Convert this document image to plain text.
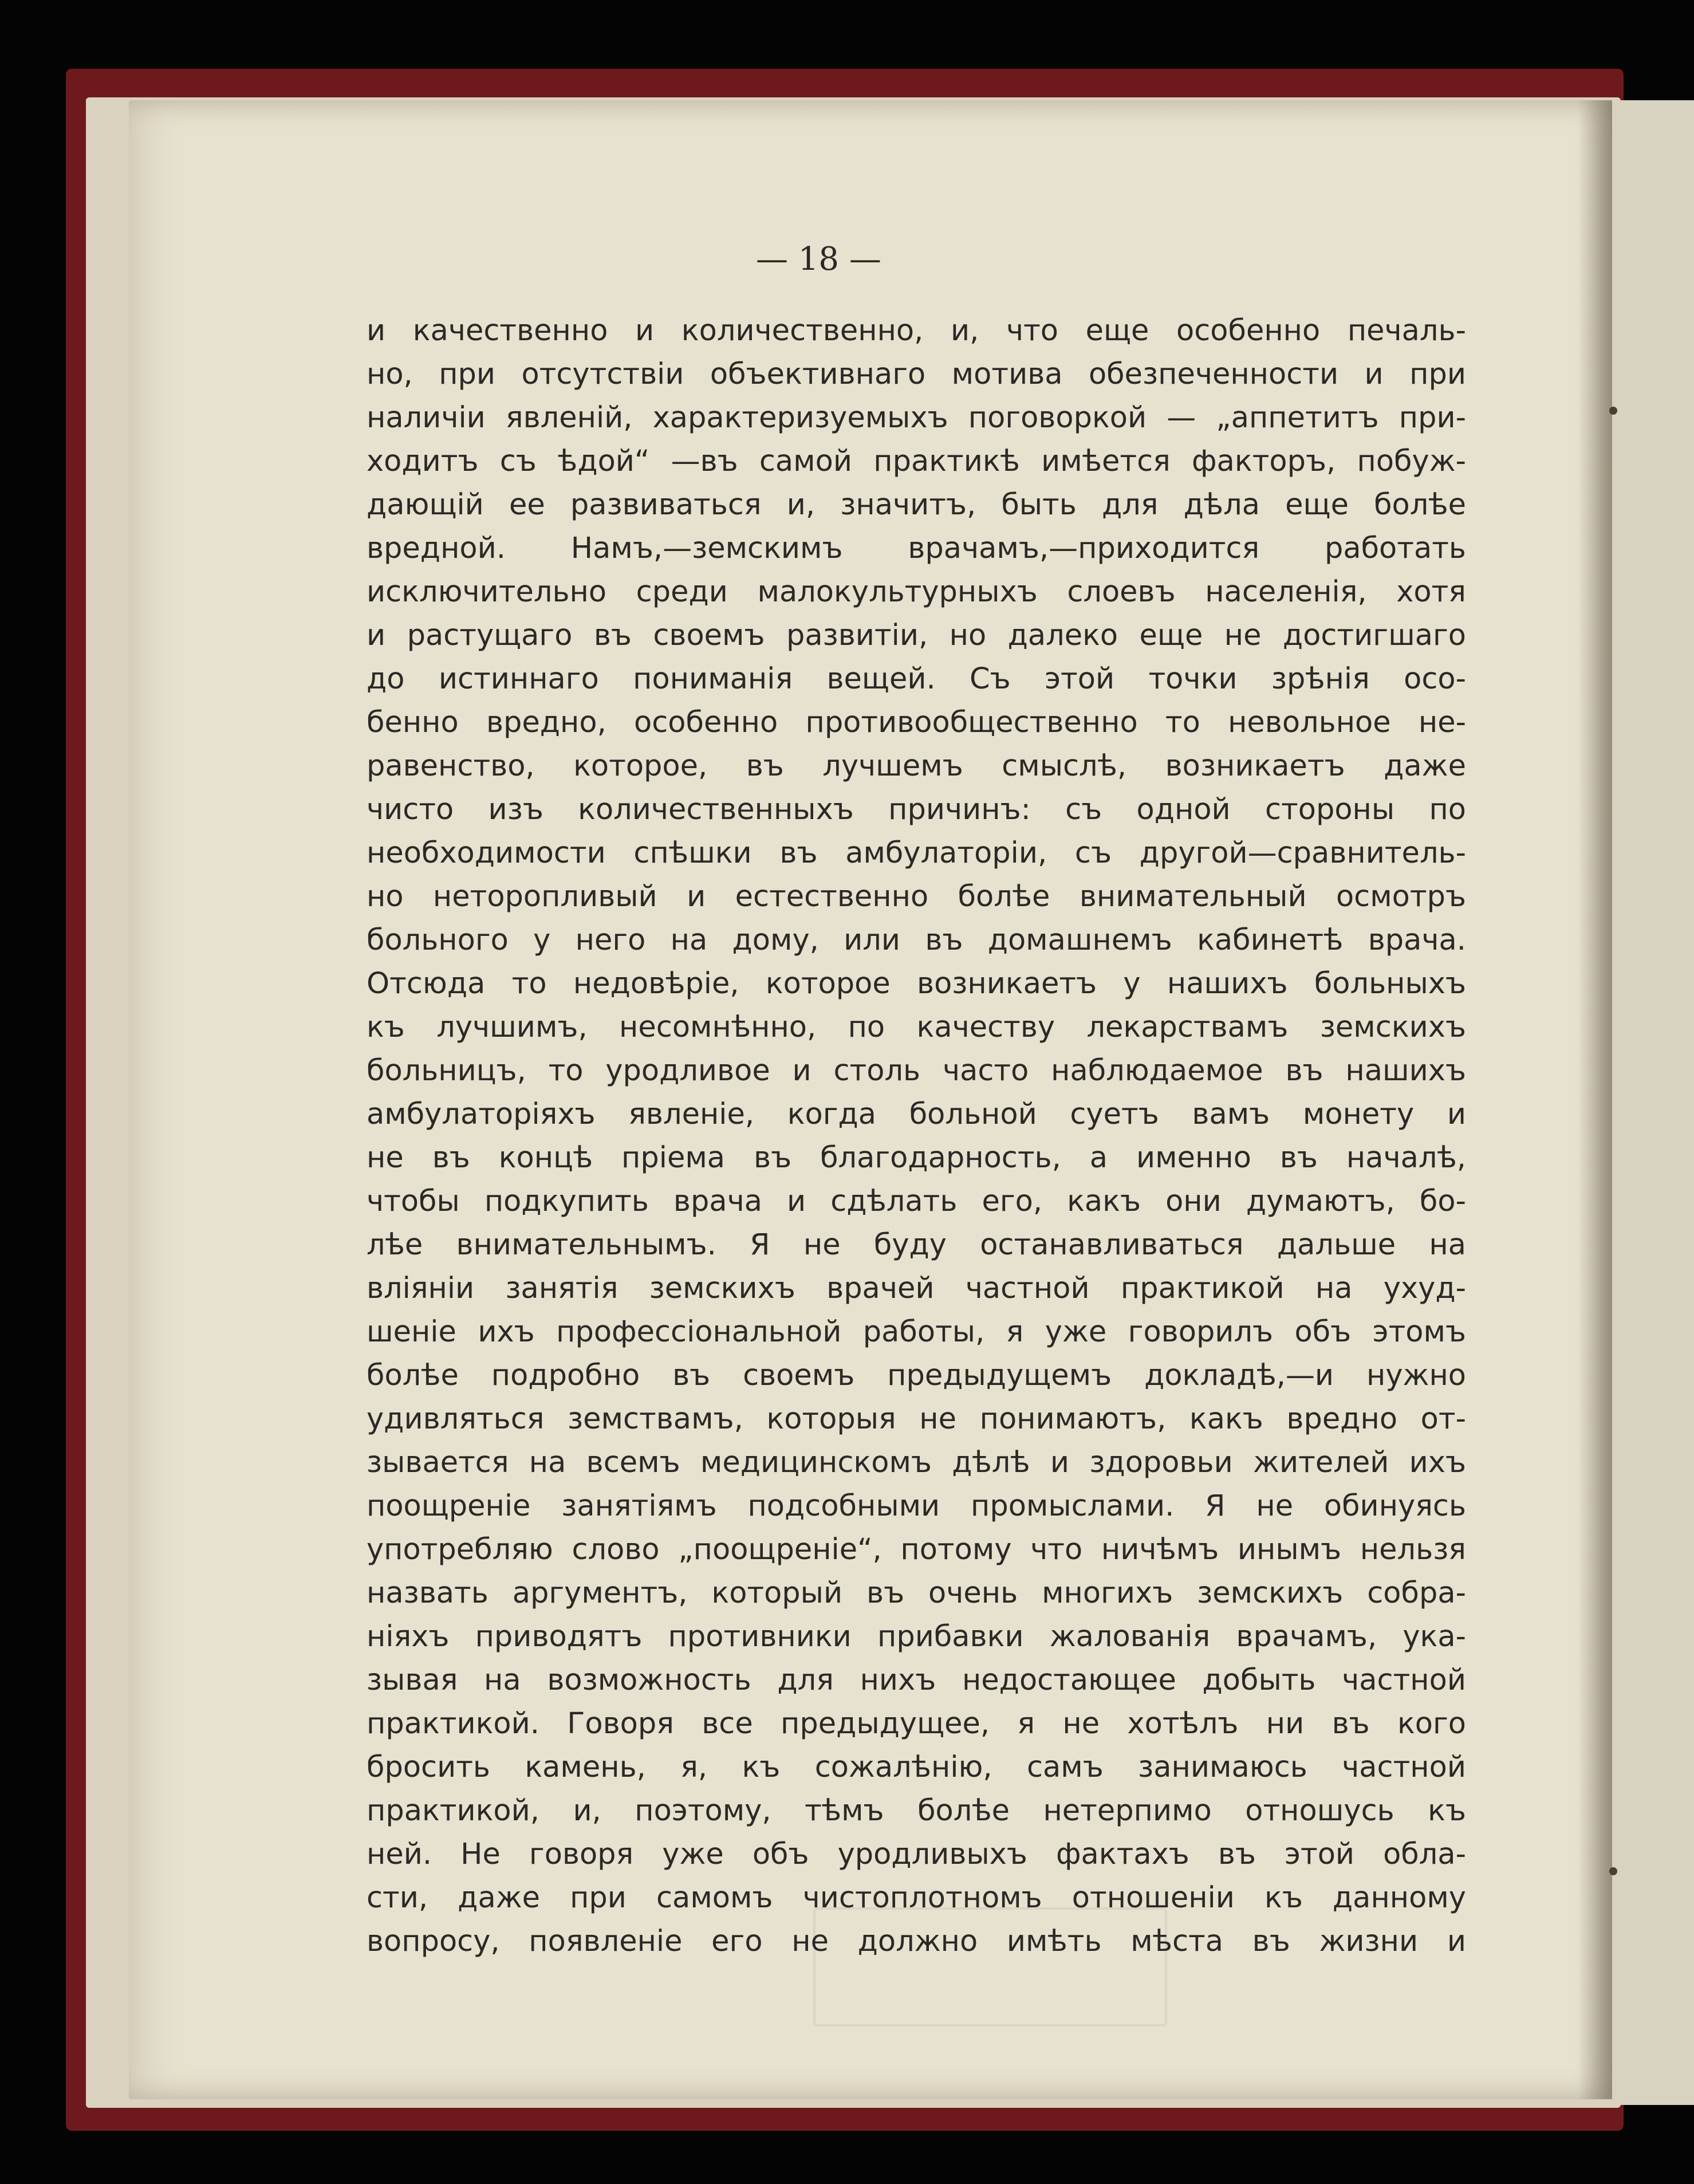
— 18 —
и качественно и количественно, и, что еще особенно печаль-
но, при отсутствіи объективнаго мотива обезпеченности и при
наличіи явленій, характеризуемыхъ поговоркой — „аппетитъ при-
ходитъ съ ѣдой“ —въ самой практикѣ имѣется факторъ, побуж-
дающій ее развиваться и, значитъ, быть для дѣла еще болѣе
вредной. Намъ,—земскимъ врачамъ,—приходится работать
исключительно среди малокультурныхъ слоевъ населенія, хотя
и растущаго въ своемъ развитіи, но далеко еще не достигшаго
до истиннаго пониманія вещей. Съ этой точки зрѣнія осо-
бенно вредно, особенно противообщественно то невольное не-
равенство, которое, въ лучшемъ смыслѣ, возникаетъ даже
чисто изъ количественныхъ причинъ: съ одной стороны по
необходимости спѣшки въ амбулаторіи, съ другой—сравнитель-
но неторопливый и естественно болѣе внимательный осмотръ
больного у него на дому, или въ домашнемъ кабинетѣ врача.
Отсюда то недовѣріе, которое возникаетъ у нашихъ больныхъ
къ лучшимъ, несомнѣнно, по качеству лекарствамъ земскихъ
больницъ, то уродливое и столь часто наблюдаемое въ нашихъ
амбулаторіяхъ явленіе, когда больной суетъ вамъ монету и
не въ концѣ пріема въ благодарность, а именно въ началѣ,
чтобы подкупить врача и сдѣлать его, какъ они думаютъ, бо-
лѣе внимательнымъ. Я не буду останавливаться дальше на
вліяніи занятія земскихъ врачей частной практикой на ухуд-
шеніе ихъ профессіональной работы, я уже говорилъ объ этомъ
болѣе подробно въ своемъ предыдущемъ докладѣ,—и нужно
удивляться земствамъ, которыя не понимаютъ, какъ вредно от-
зывается на всемъ медицинскомъ дѣлѣ и здоровьи жителей ихъ
поощреніе занятіямъ подсобными промыслами. Я не обинуясь
употребляю слово „поощреніе“, потому что ничѣмъ инымъ нельзя
назвать аргументъ, который въ очень многихъ земскихъ собра-
ніяхъ приводятъ противники прибавки жалованія врачамъ, ука-
зывая на возможность для нихъ недостающее добыть частной
практикой. Говоря все предыдущее, я не хотѣлъ ни въ кого
бросить камень, я, къ сожалѣнію, самъ занимаюсь частной
практикой, и, поэтому, тѣмъ болѣе нетерпимо отношусь къ
ней. Не говоря уже объ уродливыхъ фактахъ въ этой обла-
сти, даже при самомъ чистоплотномъ отношеніи къ данному
вопросу, появленіе его не должно имѣть мѣста въ жизни и
